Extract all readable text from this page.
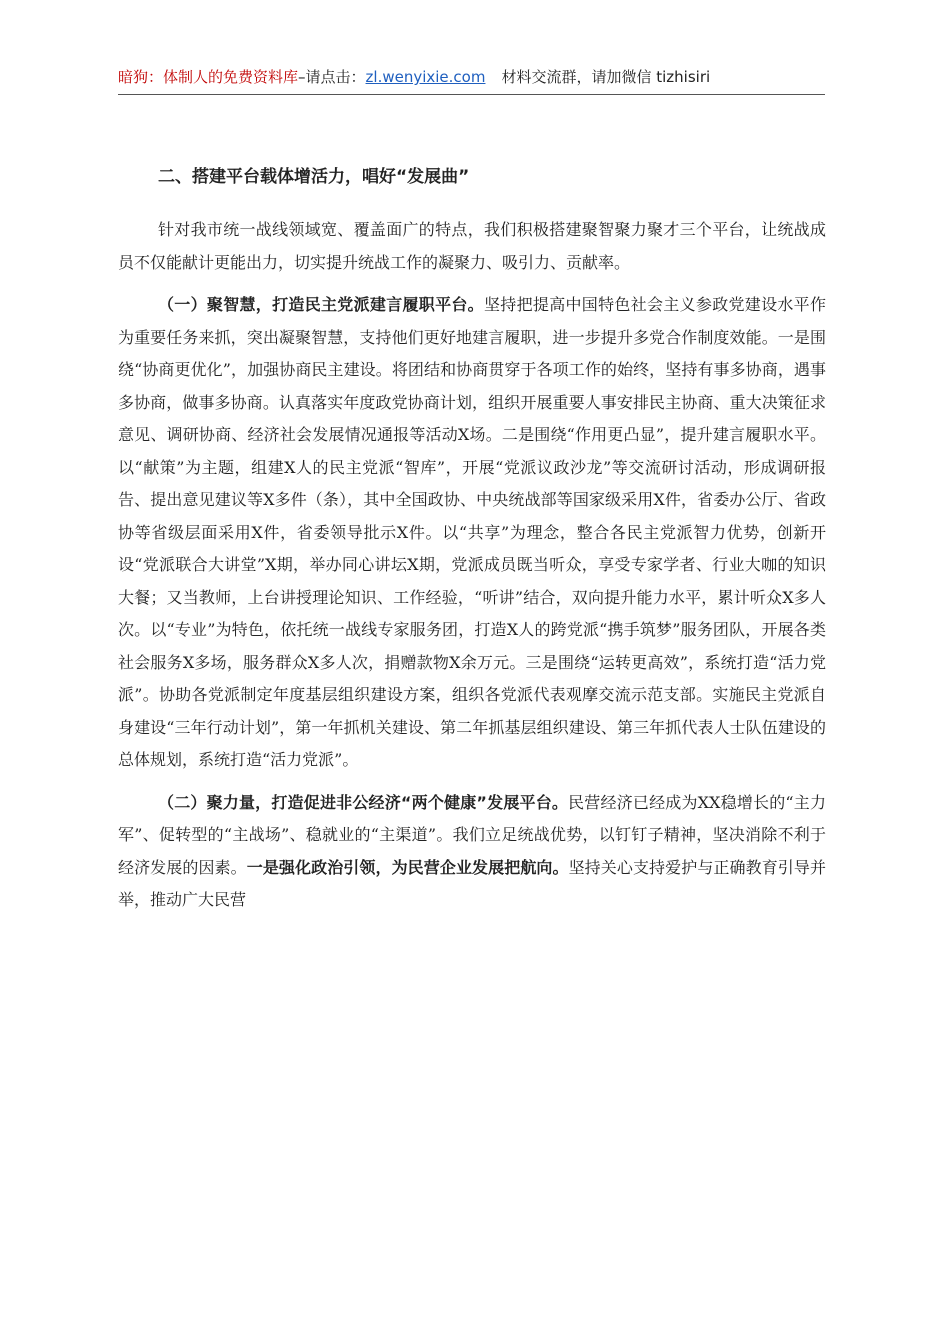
暗狗：体制人的免费资料库–请点击：zl.wenyixie.com 材料交流群，请加微信 tizhisiri
二、搭建平台载体增活力，唱好“发展曲”

针对我市统一战线领域宽、覆盖面广的特点，我们积极搭建聚智聚力聚才三个平台，让统战成员不仅能献计更能出力，切实提升统战工作的凝聚力、吸引力、贡献率。

（一）聚智慧，打造民主党派建言履职平台。坚持把提高中国特色社会主义参政党建设水平作为重要任务来抓，突出凝聚智慧，支持他们更好地建言履职，进一步提升多党合作制度效能。一是围绕“协商更优化”，加强协商民主建设。将团结和协商贯穿于各项工作的始终，坚持有事多协商，遇事多协商，做事多协商。认真落实年度政党协商计划，组织开展重要人事安排民主协商、重大决策征求意见、调研协商、经济社会发展情况通报等活动X场。二是围绕“作用更凸显”，提升建言履职水平。以“献策”为主题，组建X人的民主党派“智库”，开展“党派议政沙龙”等交流研讨活动，形成调研报告、提出意见建议等X多件（条），其中全国政协、中央统战部等国家级采用X件，省委办公厅、省政协等省级层面采用X件，省委领导批示X件。以“共享”为理念，整合各民主党派智力优势，创新开设“党派联合大讲堂”X期，举办同心讲坛X期，党派成员既当听众，享受专家学者、行业大咖的知识大餐；又当教师，上台讲授理论知识、工作经验，“听讲”结合，双向提升能力水平，累计听众X多人次。以“专业”为特色，依托统一战线专家服务团，打造X人的跨党派“携手筑梦”服务团队，开展各类社会服务X多场，服务群众X多人次，捐赠款物X余万元。三是围绕“运转更高效”，系统打造“活力党派”。协助各党派制定年度基层组织建设方案，组织各党派代表观摩交流示范支部。实施民主党派自身建设“三年行动计划”，第一年抓机关建设、第二年抓基层组织建设、第三年抓代表人士队伍建设的总体规划，系统打造“活力党派”。

（二）聚力量，打造促进非公经济“两个健康”发展平台。民营经济已经成为XX稳增长的“主力军”、促转型的“主战场”、稳就业的“主渠道”。我们立足统战优势，以钉钉子精神，坚决消除不利于经济发展的因素。一是强化政治引领，为民营企业发展把航向。坚持关心支持爱护与正确教育引导并举，推动广大民营
